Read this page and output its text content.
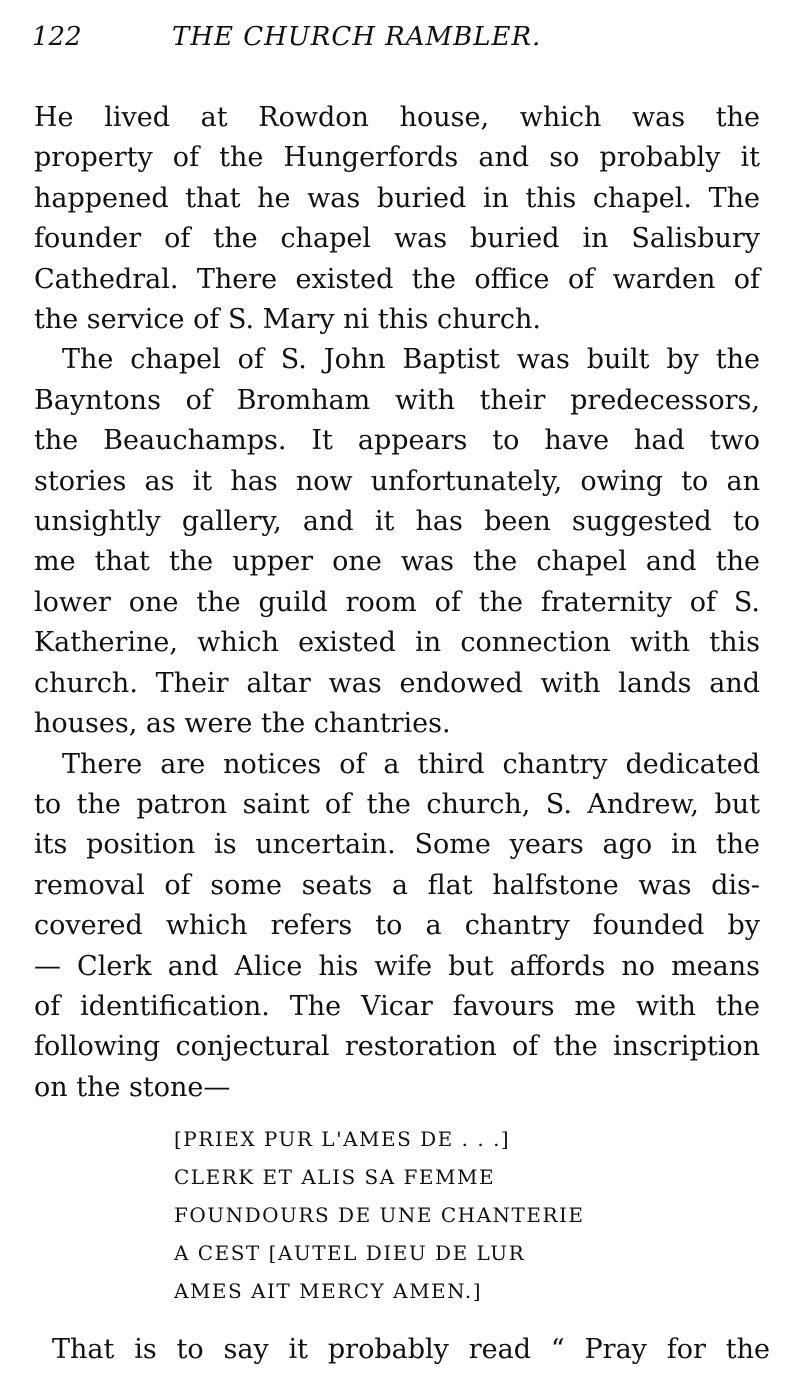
122	THE CHURCH RAMBLER.

He lived at Rowdon house, which was the
property of the Hungerfords and so probably it
happened that he was buried in this chapel. The
founder of the chapel was buried in Salisbury
Cathedral. There existed the office of warden of
the service of S. Mary ni this church.

The chapel of S. John Baptist was built by the
Bayntons of Bromham with their predecessors,
the Beauchamps. It appears to have had two
stories as it has now unfortunately, owing to an
unsightly gallery, and it has been suggested to
me that the upper one was the chapel and the
lower one the guild room of the fraternity of S.
Katherine, which existed in connection with this
church. Their altar was endowed with lands and
houses, as were the chantries.

There are notices of a third chantry dedicated
to the patron saint of the church, S. Andrew, but
its position is uncertain. Some years ago in the
removal of some seats a flat halfstone was dis-
covered which refers to a chantry founded by
— Clerk and Alice his wife but affords no means
of identification. The Vicar favours me with the
following conjectural restoration of the inscription
on the stone—

[PRIEX PUR L'AMES DE . . .]
CLERK ET ALIS SA FEMME
FOUNDOURS DE UNE CHANTERIE
A CEST [AUTEL DIEU DE LUR
AMES AIT MERCY AMEN.]
That is to say it probably read “ Pray for the
